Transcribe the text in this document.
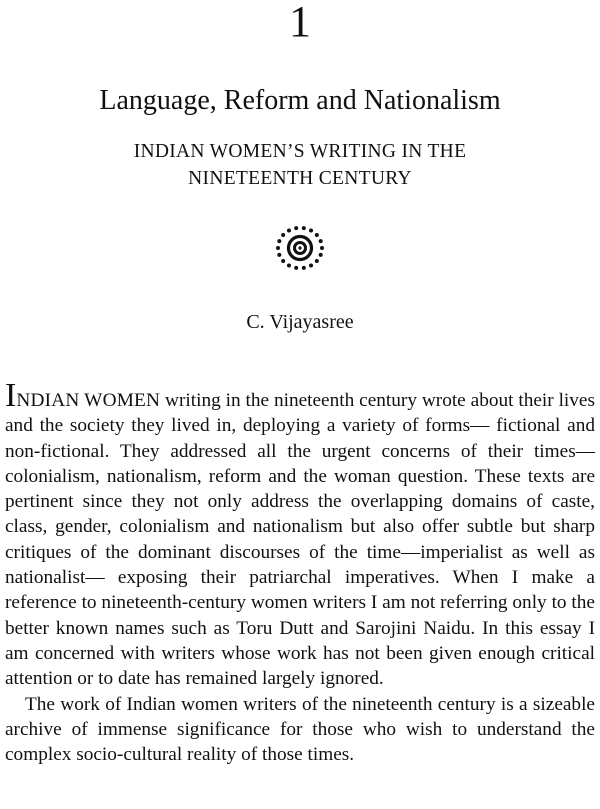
1
Language, Reform and Nationalism
INDIAN WOMEN’S WRITING IN THE NINETEENTH CENTURY
C. Vijayasree

INDIAN WOMEN writing in the nineteenth century wrote about their lives and the society they lived in, deploying a variety of forms— fictional and non-fictional. They addressed all the urgent concerns of their times—colonialism, nationalism, reform and the woman question. These texts are pertinent since they not only address the overlapping domains of caste, class, gender, colonialism and nationalism but also offer subtle but sharp critiques of the dominant discourses of the time—imperialist as well as nationalist— exposing their patriarchal imperatives. When I make a reference to nineteenth-century women writers I am not referring only to the better known names such as Toru Dutt and Sarojini Naidu. In this essay I am concerned with writers whose work has not been given enough critical attention or to date has remained largely ignored.

The work of Indian women writers of the nineteenth century is a sizeable archive of immense significance for those who wish to understand the complex socio-cultural reality of those times.
